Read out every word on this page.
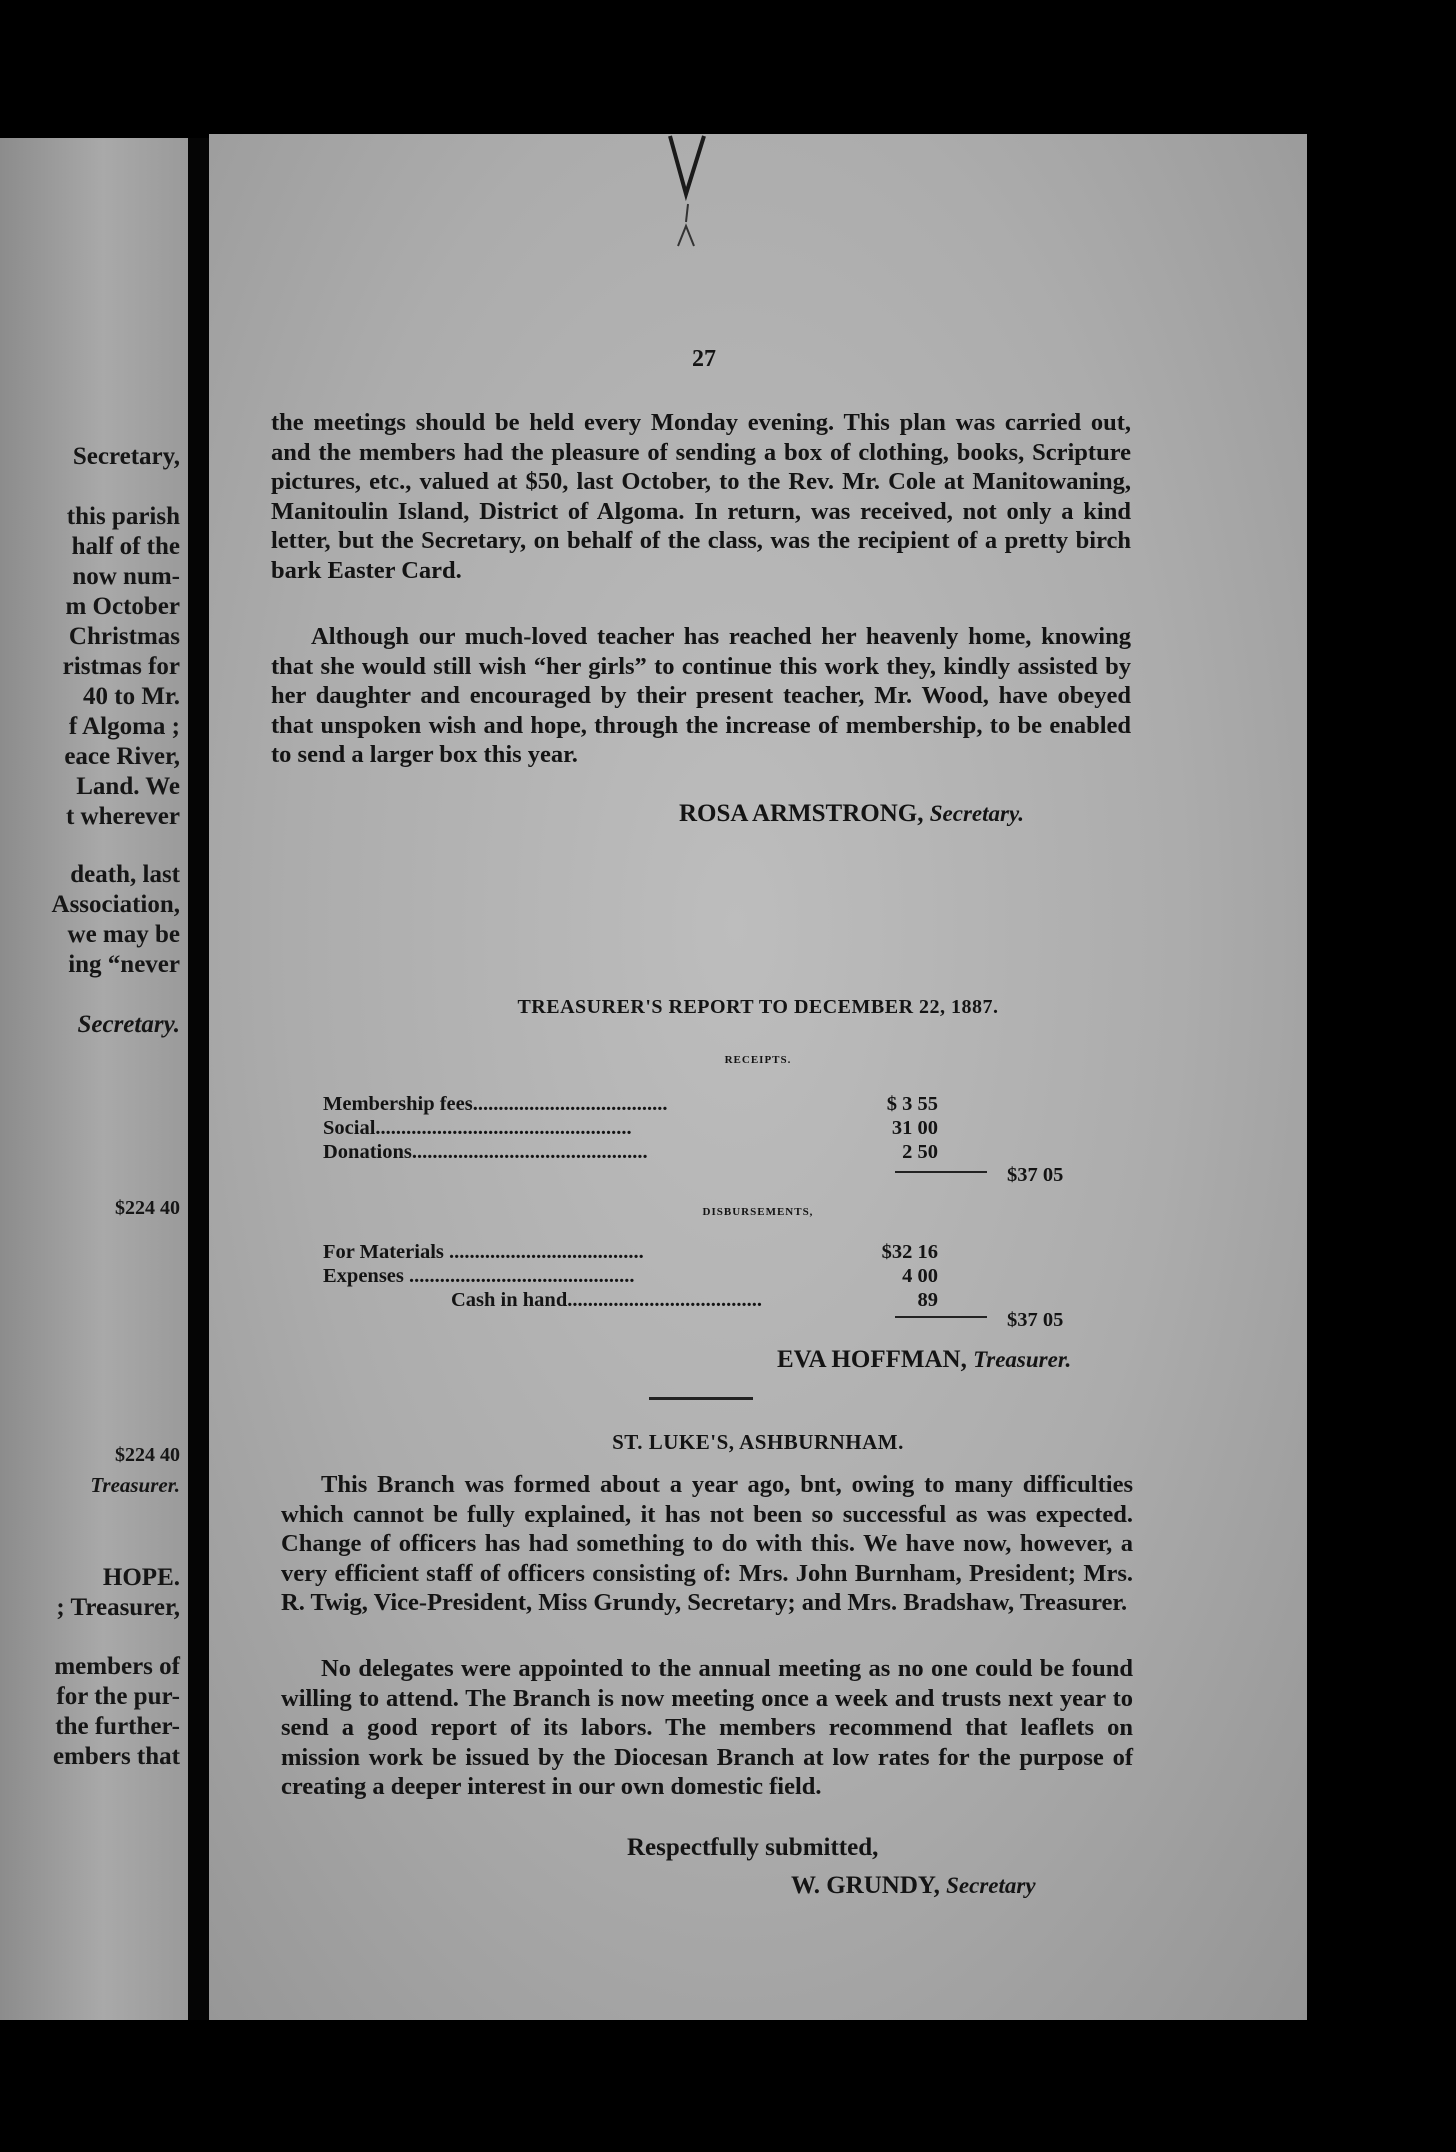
Secretary,
this parish
half of the
now num-
m October
Christmas
ristmas for
40 to Mr.
f Algoma ;
eace River,
Land. We
t wherever
death, last
Association,
we may be
ing “never
Secretary.
$224 40
$224 40
Treasurer.
HOPE.
; Treasurer,
members of
for the pur-
the further-
embers that
27

the meetings should be held every Monday evening. This plan was carried out, and the members had the pleasure of sending a box of clothing, books, Scripture pictures, etc., valued at $50, last October, to the Rev. Mr. Cole at Manitowaning, Manitoulin Island, District of Algoma. In return, was received, not only a kind letter, but the Secretary, on behalf of the class, was the recipient of a pretty birch bark Easter Card.

Although our much-loved teacher has reached her heavenly home, knowing that she would still wish “her girls” to continue this work they, kindly assisted by her daughter and encouraged by their present teacher, Mr. Wood, have obeyed that unspoken wish and hope, through the increase of membership, to be enabled to send a larger box this year.

ROSA ARMSTRONG, Secretary.
TREASURER'S REPORT TO DECEMBER 22, 1887.
RECEIPTS.
Membership fees......................................	$ 3 55
Social..................................................	31 00
Donations..............................................	2 50
$37 05
DISBURSEMENTS,
For Materials ......................................	$32 16
Expenses ............................................	4 00
Cash in hand......................................	89
$37 05
EVA HOFFMAN, Treasurer.
ST. LUKE'S, ASHBURNHAM.

This Branch was formed about a year ago, bnt, owing to many difficulties which cannot be fully explained, it has not been so successful as was expected. Change of officers has had something to do with this. We have now, however, a very efficient staff of officers consisting of: Mrs. John Burnham, President; Mrs. R. Twig, Vice-President, Miss Grundy, Secretary; and Mrs. Bradshaw, Treasurer.

No delegates were appointed to the annual meeting as no one could be found willing to attend. The Branch is now meeting once a week and trusts next year to send a good report of its labors. The members recommend that leaflets on mission work be issued by the Diocesan Branch at low rates for the purpose of creating a deeper interest in our own domestic field.

Respectfully submitted,
W. GRUNDY, Secretary
